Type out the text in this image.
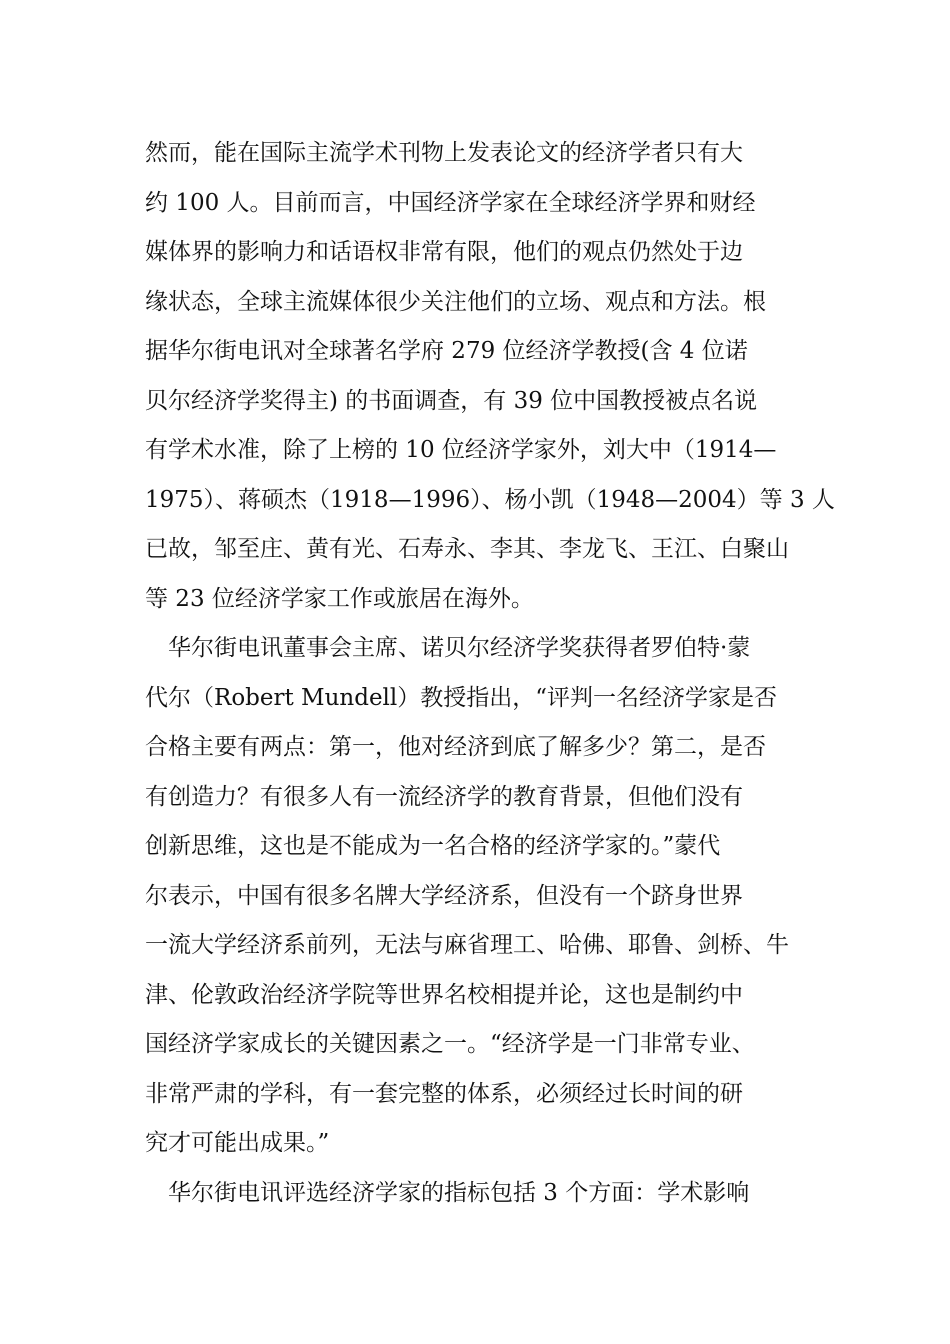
然而，能在国际主流学术刊物上发表论文的经济学者只有大
约 100 人。目前而言，中国经济学家在全球经济学界和财经
媒体界的影响力和话语权非常有限，他们的观点仍然处于边
缘状态，全球主流媒体很少关注他们的立场、观点和方法。根
据华尔街电讯对全球著名学府 279 位经济学教授(含 4 位诺
贝尔经济学奖得主) 的书面调查，有 39 位中国教授被点名说
有学术水准，除了上榜的 10 位经济学家外，刘大中（1914—
1975）、蒋硕杰（1918—1996）、杨小凯（1948—2004）等 3 人
已故，邹至庄、黄有光、石寿永、李其、李龙飞、王江、白聚山
等 23 位经济学家工作或旅居在海外。
　华尔街电讯董事会主席、诺贝尔经济学奖获得者罗伯特·蒙
代尔（Robert Mundell）教授指出，“评判一名经济学家是否
合格主要有两点：第一，他对经济到底了解多少？第二，是否
有创造力？有很多人有一流经济学的教育背景，但他们没有
创新思维，这也是不能成为一名合格的经济学家的。”蒙代
尔表示，中国有很多名牌大学经济系，但没有一个跻身世界
一流大学经济系前列，无法与麻省理工、哈佛、耶鲁、剑桥、牛
津、伦敦政治经济学院等世界名校相提并论，这也是制约中
国经济学家成长的关键因素之一。“经济学是一门非常专业、
非常严肃的学科，有一套完整的体系，必须经过长时间的研
究才可能出成果。”
　华尔街电讯评选经济学家的指标包括 3 个方面：学术影响
